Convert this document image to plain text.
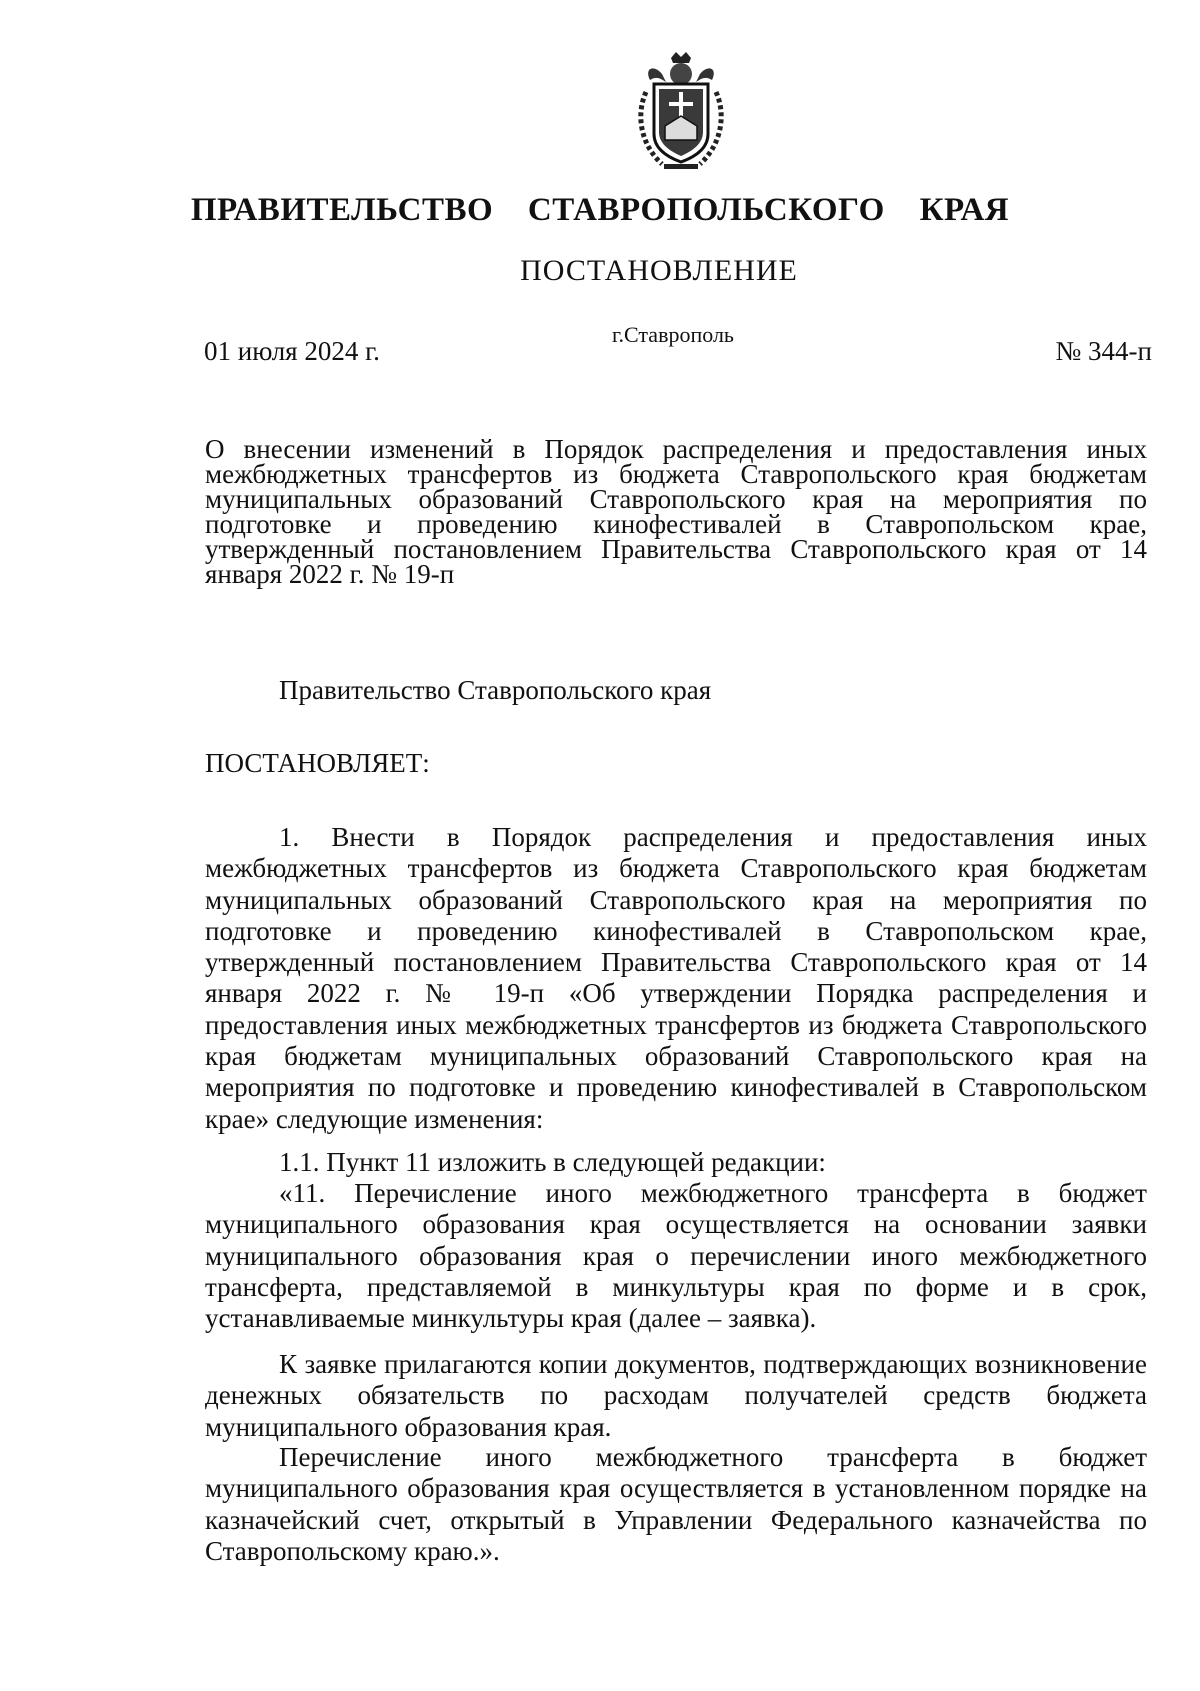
ПРАВИТЕЛЬСТВО СТАВРОПОЛЬСКОГО КРАЯ
ПОСТАНОВЛЕНИЕ
01 июля 2024 г.
г.Ставрополь
№ 344-п

О внесении изменений в Порядок распределения и предоставления иных межбюджетных трансфертов из бюджета Ставропольского края бюджетам муниципальных образований Ставропольского края на мероприятия по подготовке и проведению кинофестивалей в Ставропольском крае, утвержденный постановлением Правительства Ставропольского края от 14 января 2022 г. № 19-п

Правительство Ставропольского края

ПОСТАНОВЛЯЕТ:

1. Внести в Порядок распределения и предоставления иных межбюджетных трансфертов из бюджета Ставропольского края бюджетам муниципальных образований Ставропольского края на мероприятия по подготовке и проведению кинофестивалей в Ставропольском крае, утвержденный постановлением Правительства Ставропольского края от 14 января 2022 г. № 19-п «Об утверждении Порядка распределения и предоставления иных межбюджетных трансфертов из бюджета Ставропольского края бюджетам муниципальных образований Ставропольского края на мероприятия по подготовке и проведению кинофестивалей в Ставропольском крае» следующие изменения:

1.1. Пункт 11 изложить в следующей редакции:

«11. Перечисление иного межбюджетного трансферта в бюджет муниципального образования края осуществляется на основании заявки муниципального образования края о перечислении иного межбюджетного трансферта, представляемой в минкультуры края по форме и в срок, устанавливаемые минкультуры края (далее – заявка).

К заявке прилагаются копии документов, подтверждающих возникновение денежных обязательств по расходам получателей средств бюджета муниципального образования края.

Перечисление иного межбюджетного трансферта в бюджет муниципального образования края осуществляется в установленном порядке на казначейский счет, открытый в Управлении Федерального казначейства по Ставропольскому краю.».
